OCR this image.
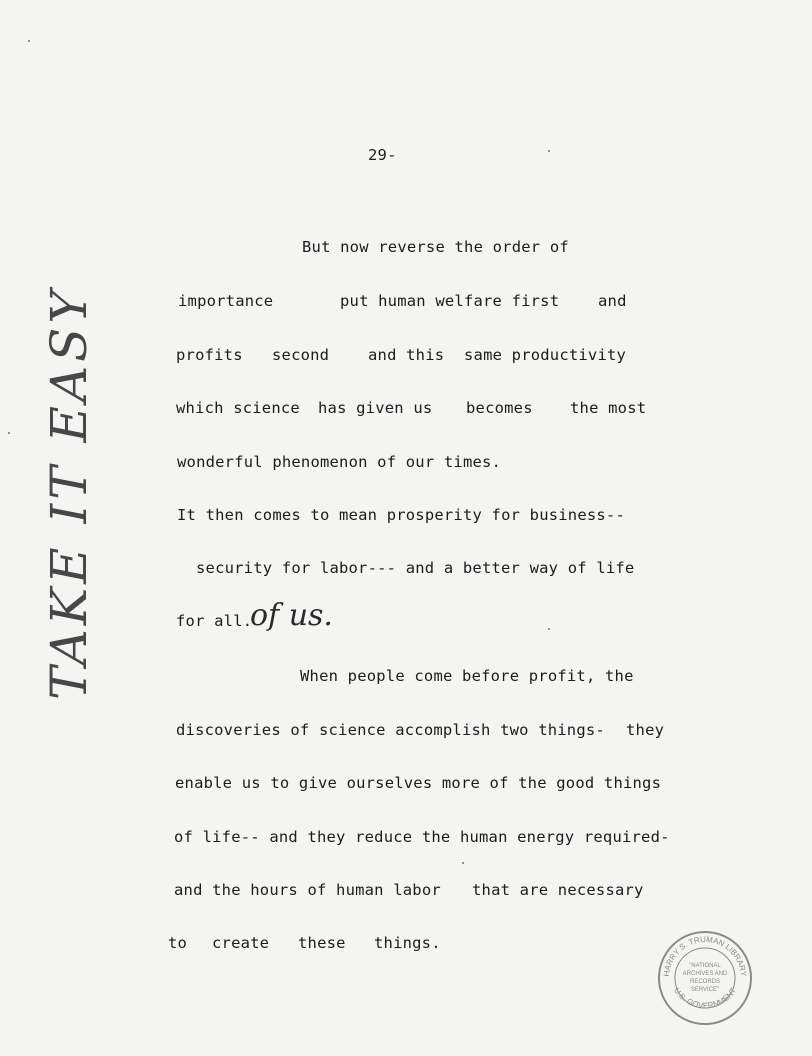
29-
But now reverse the order of
importance	put human welfare first	and
profits second	and this same productivity
which science has given us becomes the most
wonderful phenomenon of our times.
It then comes to mean prosperity for business--
security for labor--- and a better way of life
for all.
When people come before profit, the
discoveries of science accomplish two things- they
enable us to give ourselves more of the good things
of life-- and they reduce the human energy required-
and the hours of human labor that are necessary
to create these things.
TAKE IT EASY	of us.
HARRY S. TRUMAN LIBRARY
U.S. GOVERNMENT
"NATIONAL
ARCHIVES AND
RECORDS
SERVICE"
